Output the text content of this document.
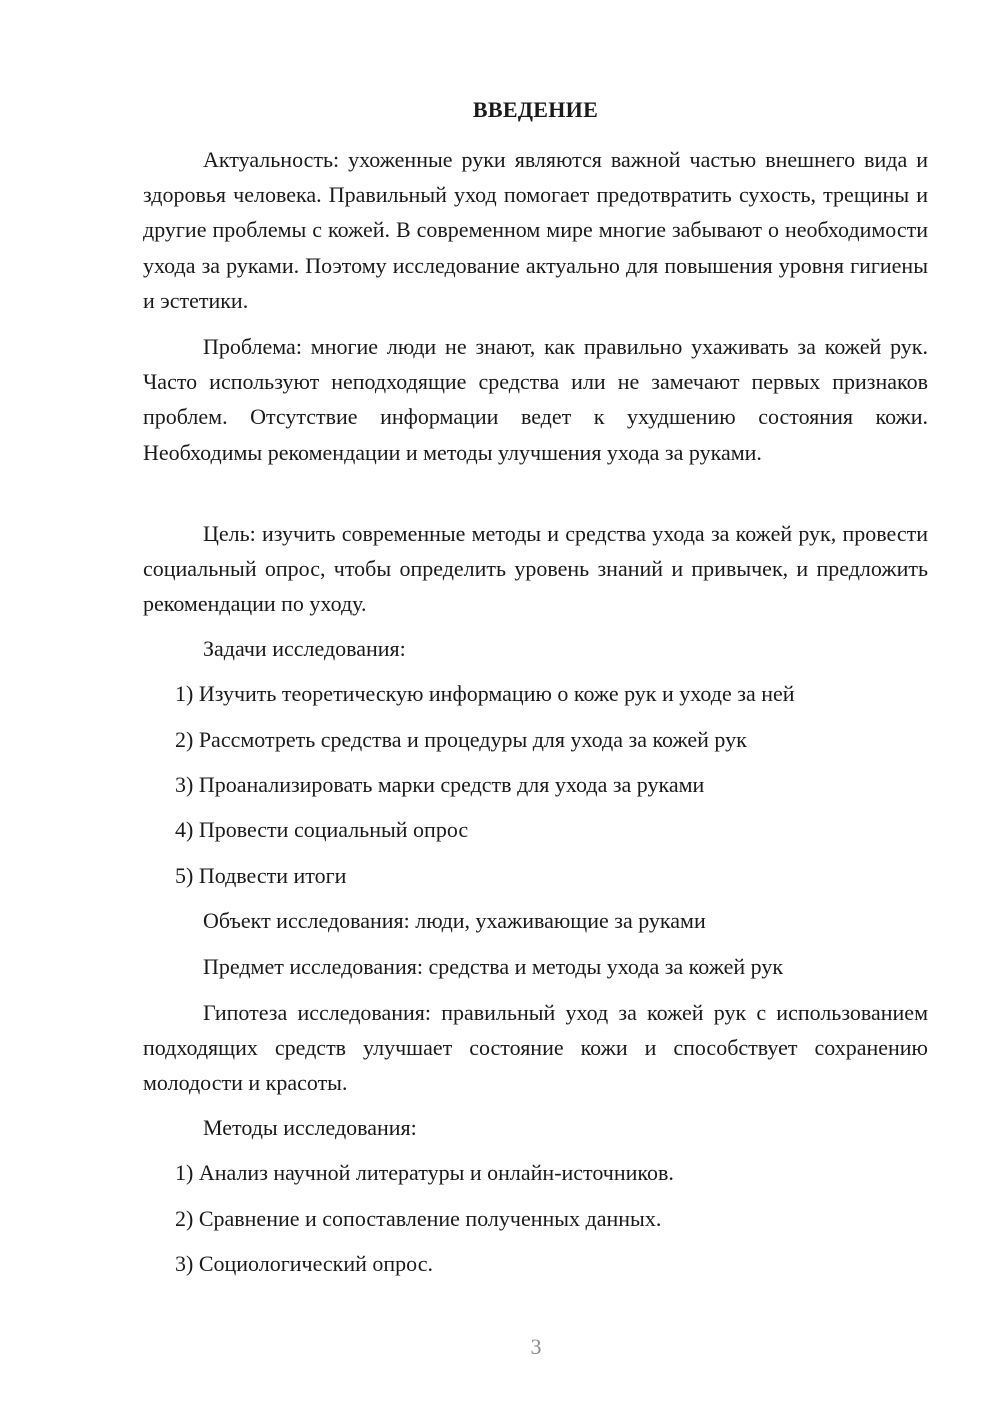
ВВЕДЕНИЕ

Актуальность: ухоженные руки являются важной частью внешнего вида и здоровья человека. Правильный уход помогает предотвратить сухость, трещины и другие проблемы с кожей. В современном мире многие забывают о необходимости ухода за руками. Поэтому исследование актуально для повышения уровня гигиены и эстетики.

Проблема: многие люди не знают, как правильно ухаживать за кожей рук. Часто используют неподходящие средства или не замечают первых признаков проблем. Отсутствие информации ведет к ухудшению состояния кожи. Необходимы рекомендации и методы улучшения ухода за руками.

Цель: изучить современные методы и средства ухода за кожей рук, провести социальный опрос, чтобы определить уровень знаний и привычек, и предложить рекомендации по уходу.

Задачи исследования:

1) Изучить теоретическую информацию о коже рук и уходе за ней

2) Рассмотреть средства и процедуры для ухода за кожей рук

3) Проанализировать марки средств для ухода за руками

4) Провести социальный опрос

5) Подвести итоги

Объект исследования: люди, ухаживающие за руками

Предмет исследования: средства и методы ухода за кожей рук

Гипотеза исследования: правильный уход за кожей рук с использованием подходящих средств улучшает состояние кожи и способствует сохранению молодости и красоты.

Методы исследования:

1) Анализ научной литературы и онлайн-источников.

2) Сравнение и сопоставление полученных данных.

3) Социологический опрос.

3
